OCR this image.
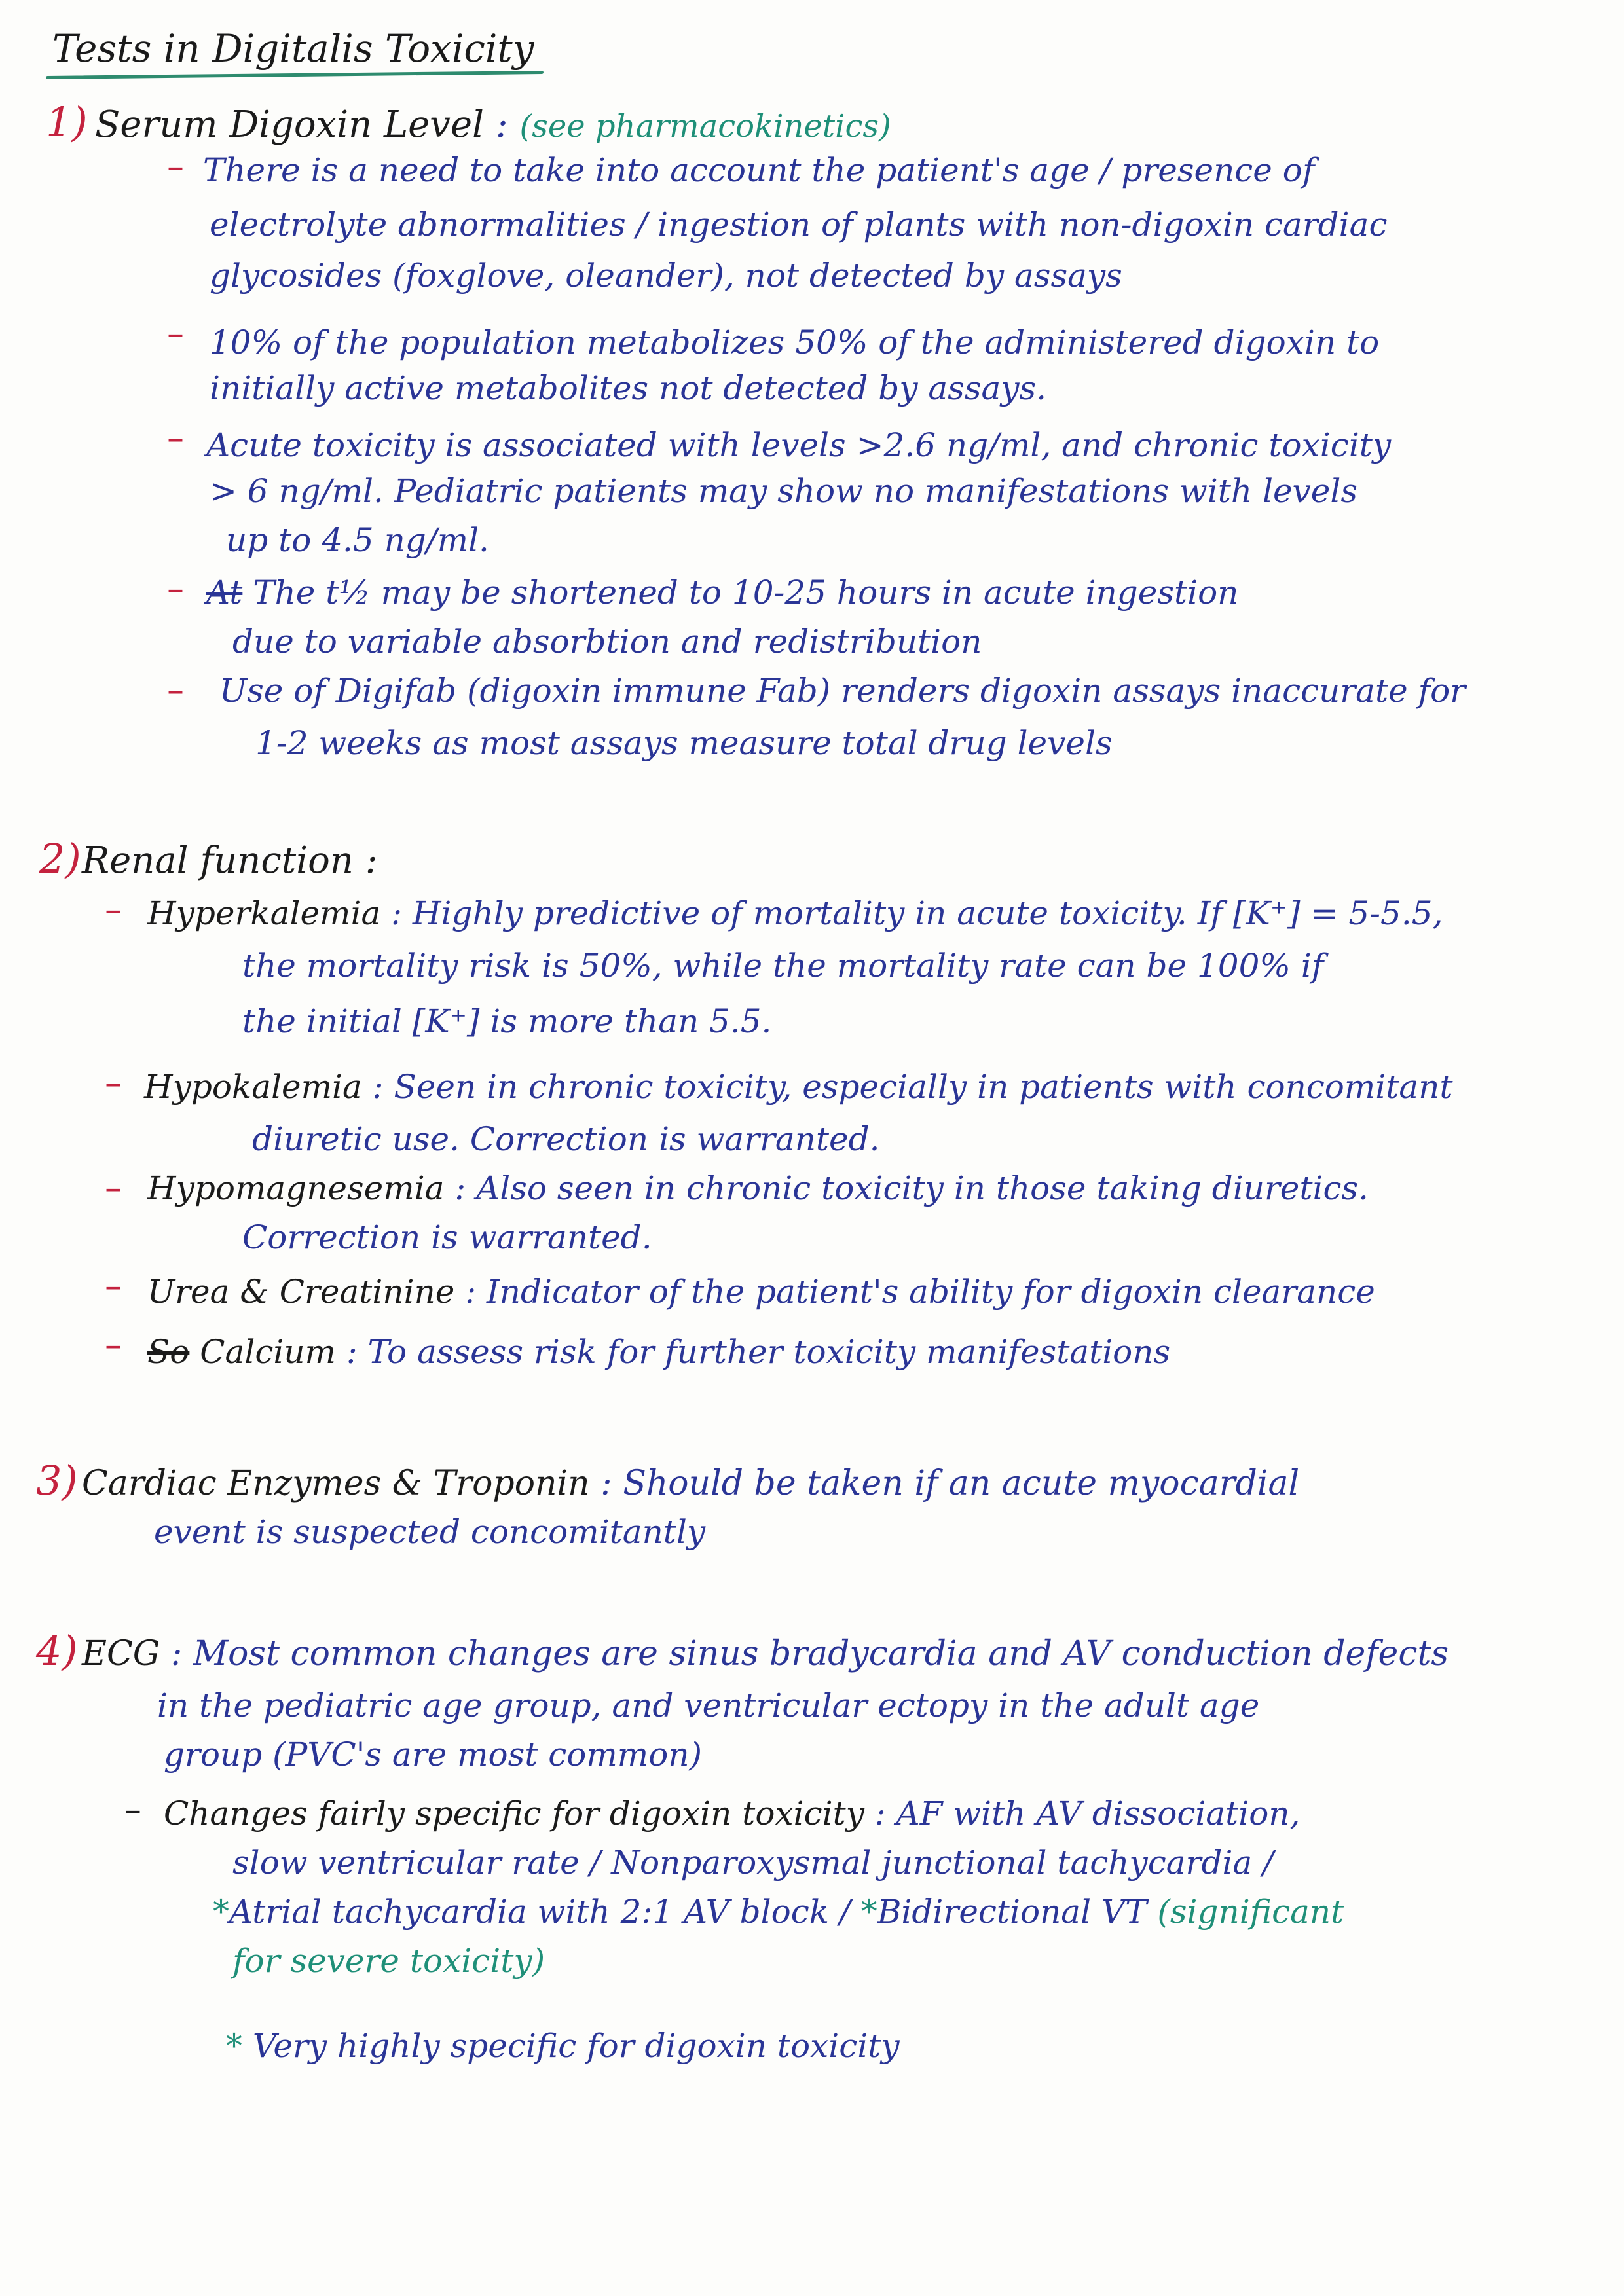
Tests in Digitalis Toxicity
1) Serum Digoxin Level : (see pharmacokinetics)
– There is a need to take into account the patient's age / presence of
electrolyte abnormalities / ingestion of plants with non-digoxin cardiac
glycosides (foxglove, oleander), not detected by assays
– 10% of the population metabolizes 50% of the administered digoxin to
initially active metabolites not detected by assays.
– Acute toxicity is associated with levels >2.6 ng/ml, and chronic toxicity
> 6 ng/ml. Pediatric patients may show no manifestations with levels
up to 4.5 ng/ml.
– At The t½ may be shortened to 10-25 hours in acute ingestion
due to variable absorbtion and redistribution
– Use of Digifab (digoxin immune Fab) renders digoxin assays inaccurate for
1-2 weeks as most assays measure total drug levels
2) Renal function :
– Hyperkalemia : Highly predictive of mortality in acute toxicity. If [K⁺] = 5-5.5,
the mortality risk is 50%, while the mortality rate can be 100% if
the initial [K⁺] is more than 5.5.
– Hypokalemia : Seen in chronic toxicity, especially in patients with concomitant
diuretic use. Correction is warranted.
– Hypomagnesemia : Also seen in chronic toxicity in those taking diuretics.
Correction is warranted.
– Urea & Creatinine : Indicator of the patient's ability for digoxin clearance
– So Calcium : To assess risk for further toxicity manifestations
3) Cardiac Enzymes & Troponin : Should be taken if an acute myocardial
event is suspected concomitantly
4) ECG : Most common changes are sinus bradycardia and AV conduction defects
in the pediatric age group, and ventricular ectopy in the adult age
group (PVC's are most common)
– Changes fairly specific for digoxin toxicity : AF with AV dissociation,
slow ventricular rate / Nonparoxysmal junctional tachycardia /
*Atrial tachycardia with 2:1 AV block / *Bidirectional VT (significant
for severe toxicity)
* Very highly specific for digoxin toxicity
